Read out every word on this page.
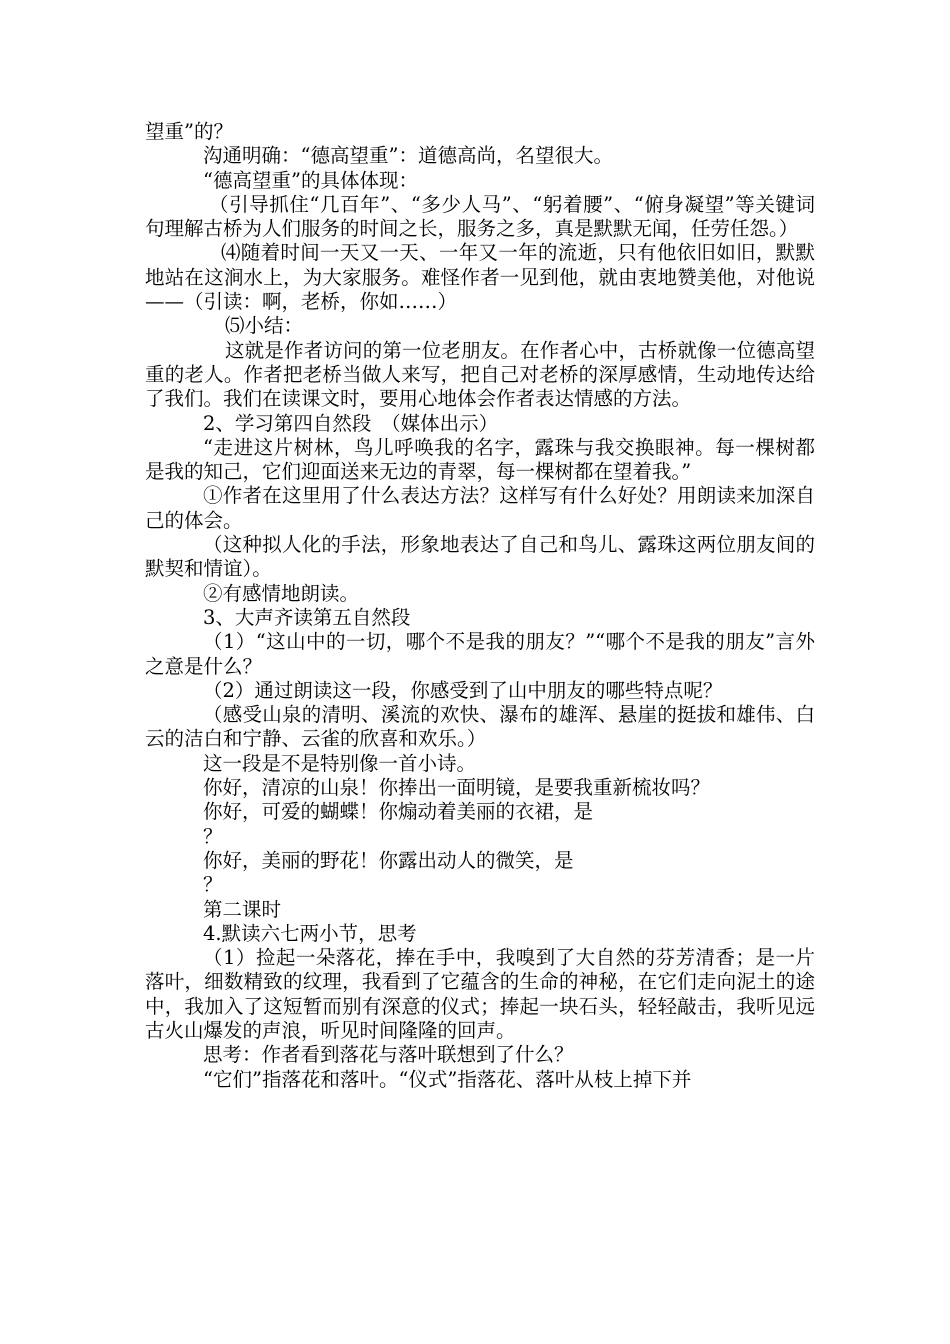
望重”的？

沟通明确：“德高望重”：道德高尚，名望很大。

“德高望重”的具体体现：

（引导抓住“几百年”、“多少人马”、“躬着腰”、“俯身凝望”等关键词句理解古桥为人们服务的时间之长，服务之多，真是默默无闻，任劳任怨。）

⑷随着时间一天又一天、一年又一年的流逝，只有他依旧如旧，默默地站在这涧水上，为大家服务。难怪作者一见到他，就由衷地赞美他，对他说——（引读：啊，老桥，你如……）

⑸小结：

这就是作者访问的第一位老朋友。在作者心中，古桥就像一位德高望重的老人。作者把老桥当做人来写，把自己对老桥的深厚感情，生动地传达给了我们。我们在读课文时，要用心地体会作者表达情感的方法。

2、学习第四自然段　（媒体出示）

“走进这片树林，鸟儿呼唤我的名字，露珠与我交换眼神。每一棵树都是我的知己，它们迎面送来无边的青翠，每一棵树都在望着我。”

①作者在这里用了什么表达方法？这样写有什么好处？用朗读来加深自己的体会。

（这种拟人化的手法，形象地表达了自己和鸟儿、露珠这两位朋友间的默契和情谊）。

②有感情地朗读。

3、大声齐读第五自然段

（1）“这山中的一切，哪个不是我的朋友？”“哪个不是我的朋友”言外之意是什么？

（2）通过朗读这一段，你感受到了山中朋友的哪些特点呢？

（感受山泉的清明、溪流的欢快、瀑布的雄浑、悬崖的挺拔和雄伟、白云的洁白和宁静、云雀的欣喜和欢乐。）

这一段是不是特别像一首小诗。

你好，清凉的山泉！你捧出一面明镜，是要我重新梳妆吗？

你好，可爱的蝴蝶！你煽动着美丽的衣裙，是

？

你好，美丽的野花！你露出动人的微笑，是

？

第二课时

4.默读六七两小节，思考

（1）捡起一朵落花，捧在手中，我嗅到了大自然的芬芳清香；是一片落叶，细数精致的纹理，我看到了它蕴含的生命的神秘，在它们走向泥土的途中，我加入了这短暂而别有深意的仪式；捧起一块石头，轻轻敲击，我听见远古火山爆发的声浪，听见时间隆隆的回声。

思考：作者看到落花与落叶联想到了什么？

“它们”指落花和落叶。“仪式”指落花、落叶从枝上掉下并
